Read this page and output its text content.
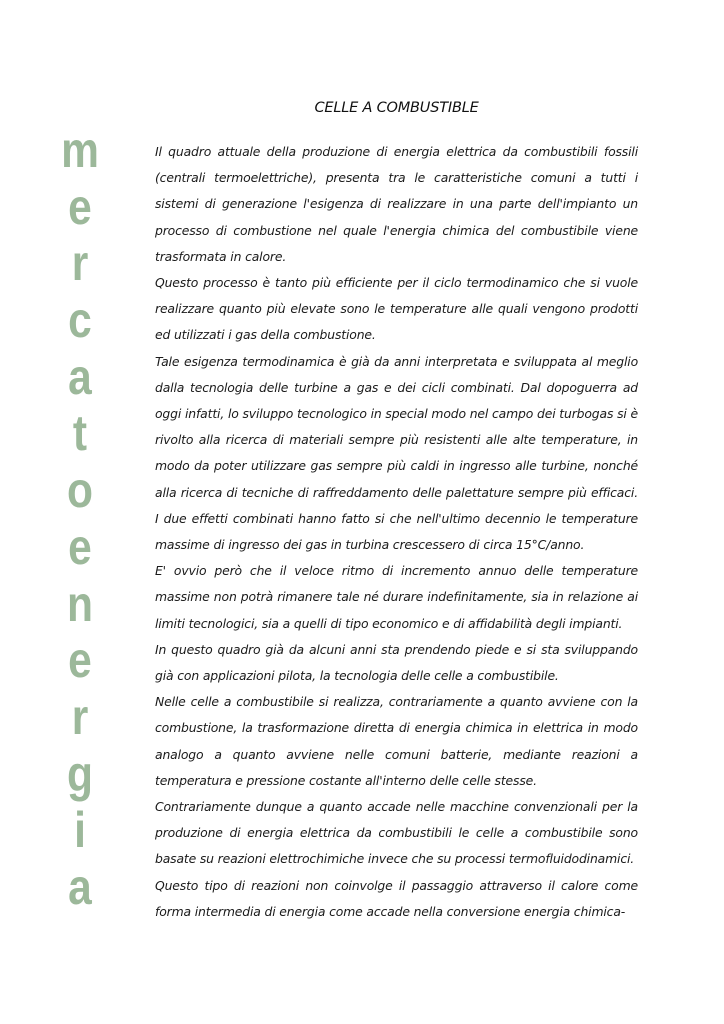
m
e
r
c
a
t
o
e
n
e
r
g
i
a
CELLE A COMBUSTIBLE

Il quadro attuale della produzione di energia elettrica da combustibili fossili (centrali termoelettriche), presenta tra le caratteristiche comuni a tutti i sistemi di generazione l'esigenza di realizzare in una parte dell'impianto un processo di combustione nel quale l'energia chimica del combustibile viene trasformata in calore.

Questo processo è tanto più efficiente per il ciclo termodinamico che si vuole realizzare quanto più elevate sono le temperature alle quali vengono prodotti ed utilizzati i gas della combustione.

Tale esigenza termodinamica è già da anni interpretata e sviluppata al meglio dalla tecnologia delle turbine a gas e dei cicli combinati. Dal dopoguerra ad oggi infatti, lo sviluppo tecnologico in special modo nel campo dei turbogas si è rivolto alla ricerca di materiali sempre più resistenti alle alte temperature, in modo da poter utilizzare gas sempre più caldi in ingresso alle turbine, nonché alla ricerca di tecniche di raffreddamento delle palettature sempre più efficaci. I due effetti combinati hanno fatto si che nell'ultimo decennio le temperature massime di ingresso dei gas in turbina crescessero di circa 15°C/anno.

E' ovvio però che il veloce ritmo di incremento annuo delle temperature massime non potrà rimanere tale né durare indefinitamente, sia in relazione ai limiti tecnologici, sia a quelli di tipo economico e di affidabilità degli impianti.

In questo quadro già da alcuni anni sta prendendo piede e si sta sviluppando già con applicazioni pilota, la tecnologia delle celle a combustibile.

Nelle celle a combustibile si realizza, contrariamente a quanto avviene con la combustione, la trasformazione diretta di energia chimica in elettrica in modo analogo a quanto avviene nelle comuni batterie, mediante reazioni a temperatura e pressione costante all'interno delle celle stesse.

Contrariamente dunque a quanto accade nelle macchine convenzionali per la produzione di energia elettrica da combustibili le celle a combustibile sono basate su reazioni elettrochimiche invece che su processi termofluidodinamici.

Questo tipo di reazioni non coinvolge il passaggio attraverso il calore come forma intermedia di energia come accade nella conversione energia chimica-
